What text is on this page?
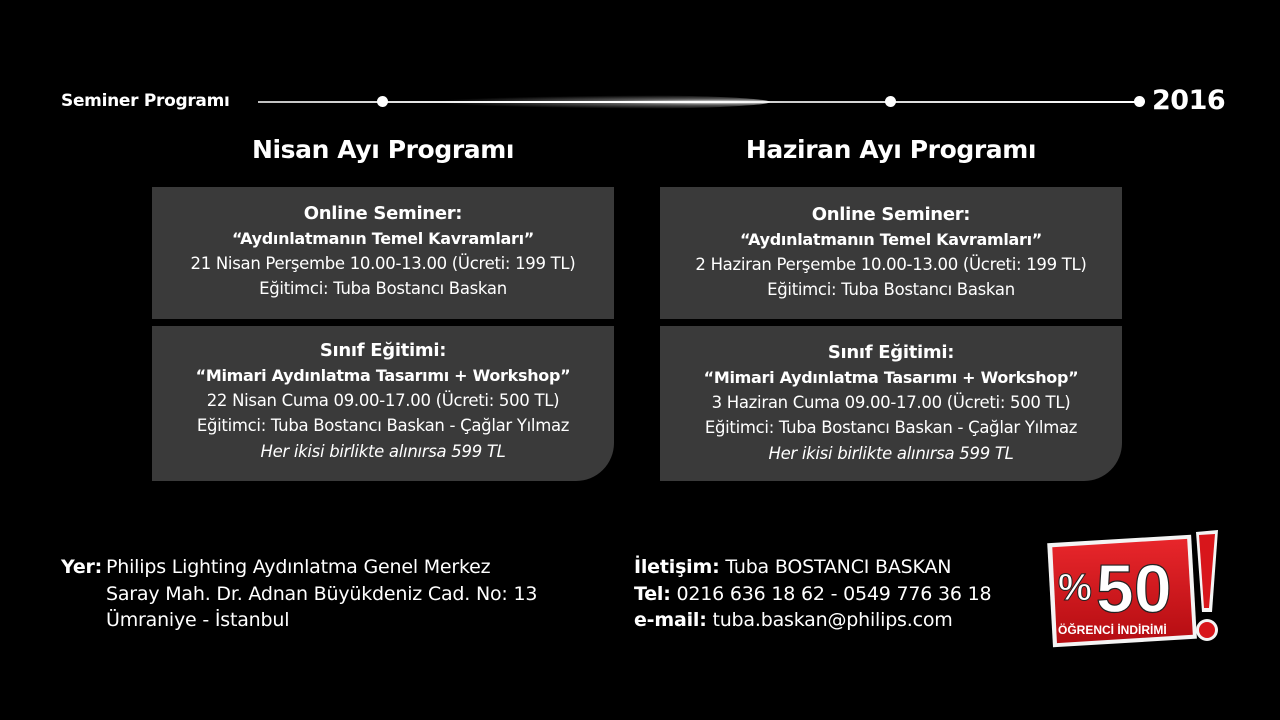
Seminer Programı	2016
Nisan Ayı Programı
Online Seminer:
“Aydınlatmanın Temel Kavramları”
21 Nisan Perşembe 10.00-13.00 (Ücreti: 199 TL)
Eğitimci: Tuba Bostancı Baskan
Sınıf Eğitimi:
“Mimari Aydınlatma Tasarımı + Workshop”
22 Nisan Cuma 09.00-17.00 (Ücreti: 500 TL)
Eğitimci: Tuba Bostancı Baskan - Çağlar Yılmaz
Her ikisi birlikte alınırsa 599 TL
Haziran Ayı Programı
Online Seminer:
“Aydınlatmanın Temel Kavramları”
2 Haziran Perşembe 10.00-13.00 (Ücreti: 199 TL)
Eğitimci: Tuba Bostancı Baskan
Sınıf Eğitimi:
“Mimari Aydınlatma Tasarımı + Workshop”
3 Haziran Cuma 09.00-17.00 (Ücreti: 500 TL)
Eğitimci: Tuba Bostancı Baskan - Çağlar Yılmaz
Her ikisi birlikte alınırsa 599 TL
Yer: Philips Lighting Aydınlatma Genel Merkez
Saray Mah. Dr. Adnan Büyükdeniz Cad. No: 13
Ümraniye - İstanbul
İletişim: Tuba BOSTANCI BASKAN
Tel: 0216 636 18 62 - 0549 776 36 18
e-mail: tuba.baskan@philips.com
% 50
ÖĞRENCİ İNDİRİMİ
